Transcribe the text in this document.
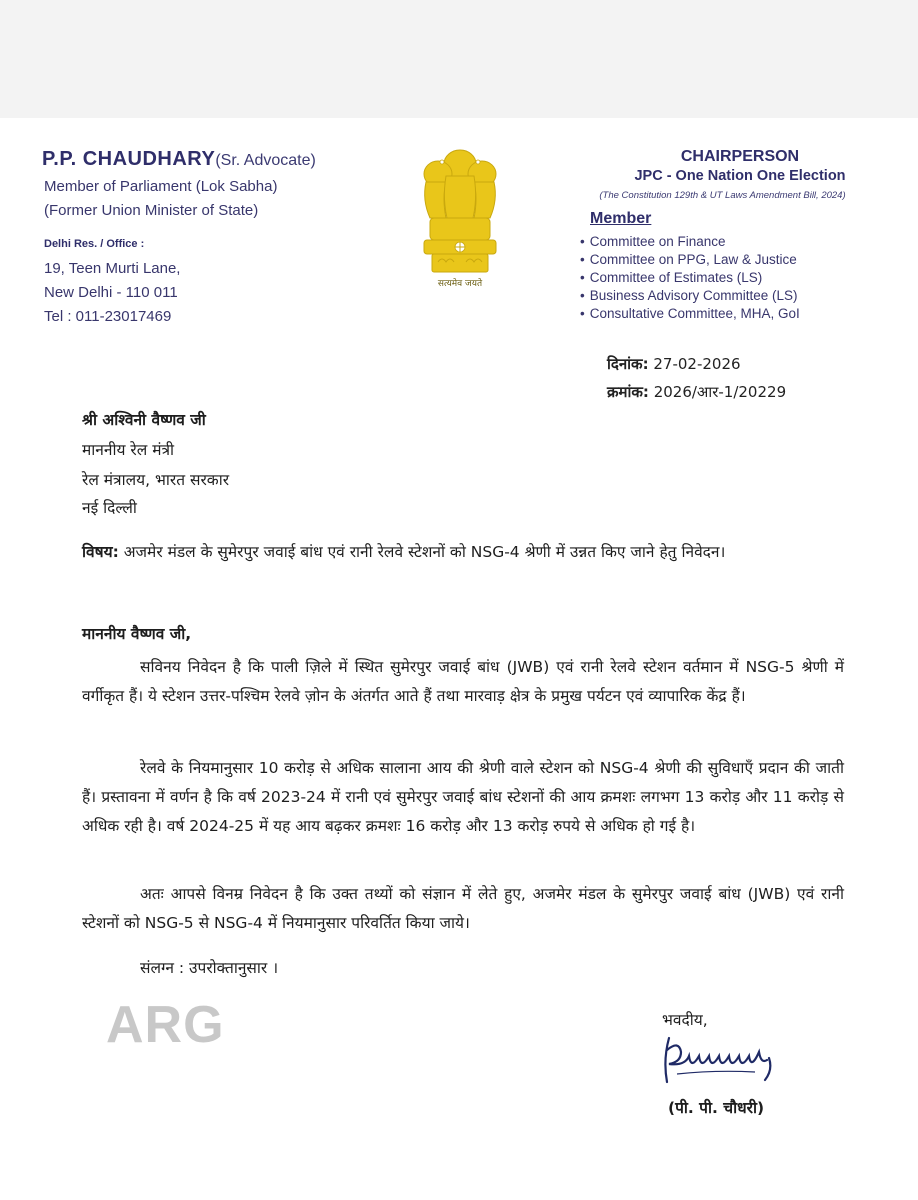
P.P. CHAUDHARY(Sr. Advocate)
Member of Parliament (Lok Sabha)
(Former Union Minister of State)
Delhi Res. / Office :
19, Teen Murti Lane,
New Delhi - 110 011
Tel : 011-23017469
सत्यमेव जयते
CHAIRPERSON
JPC - One Nation One Election
(The Constitution 129th & UT Laws Amendment Bill, 2024)
Member
• Committee on Finance
• Committee on PPG, Law & Justice
• Committee of Estimates (LS)
• Business Advisory Committee (LS)
• Consultative Committee, MHA, GoI
दिनांक: 27-02-2026
क्रमांक: 2026/आर-1/20229
श्री अश्विनी वैष्णव जी
माननीय रेल मंत्री
रेल मंत्रालय, भारत सरकार
नई दिल्ली
विषय: अजमेर मंडल के सुमेरपुर जवाई बांध एवं रानी रेलवे स्टेशनों को NSG-4 श्रेणी में उन्नत किए जाने हेतु निवेदन।
माननीय वैष्णव जी,
सविनय निवेदन है कि पाली ज़िले में स्थित सुमेरपुर जवाई बांध (JWB) एवं रानी रेलवे स्टेशन वर्तमान में NSG-5 श्रेणी में वर्गीकृत हैं। ये स्टेशन उत्तर-पश्चिम रेलवे ज़ोन के अंतर्गत आते हैं तथा मारवाड़ क्षेत्र के प्रमुख पर्यटन एवं व्यापारिक केंद्र हैं।
रेलवे के नियमानुसार 10 करोड़ से अधिक सालाना आय की श्रेणी वाले स्टेशन को NSG-4 श्रेणी की सुविधाएँ प्रदान की जाती हैं। प्रस्तावना में वर्णन है कि वर्ष 2023-24 में रानी एवं सुमेरपुर जवाई बांध स्टेशनों की आय क्रमशः लगभग 13 करोड़ और 11 करोड़ से अधिक रही है। वर्ष 2024-25 में यह आय बढ़कर क्रमशः 16 करोड़ और 13 करोड़ रुपये से अधिक हो गई है।
अतः आपसे विनम्र निवेदन है कि उक्त तथ्यों को संज्ञान में लेते हुए, अजमेर मंडल के सुमेरपुर जवाई बांध (JWB) एवं रानी स्टेशनों को NSG-5 से NSG-4 में नियमानुसार परिवर्तित किया जाये।
संलग्न : उपरोक्तानुसार ।
ARG	भवदीय,
(पी. पी. चौधरी)
